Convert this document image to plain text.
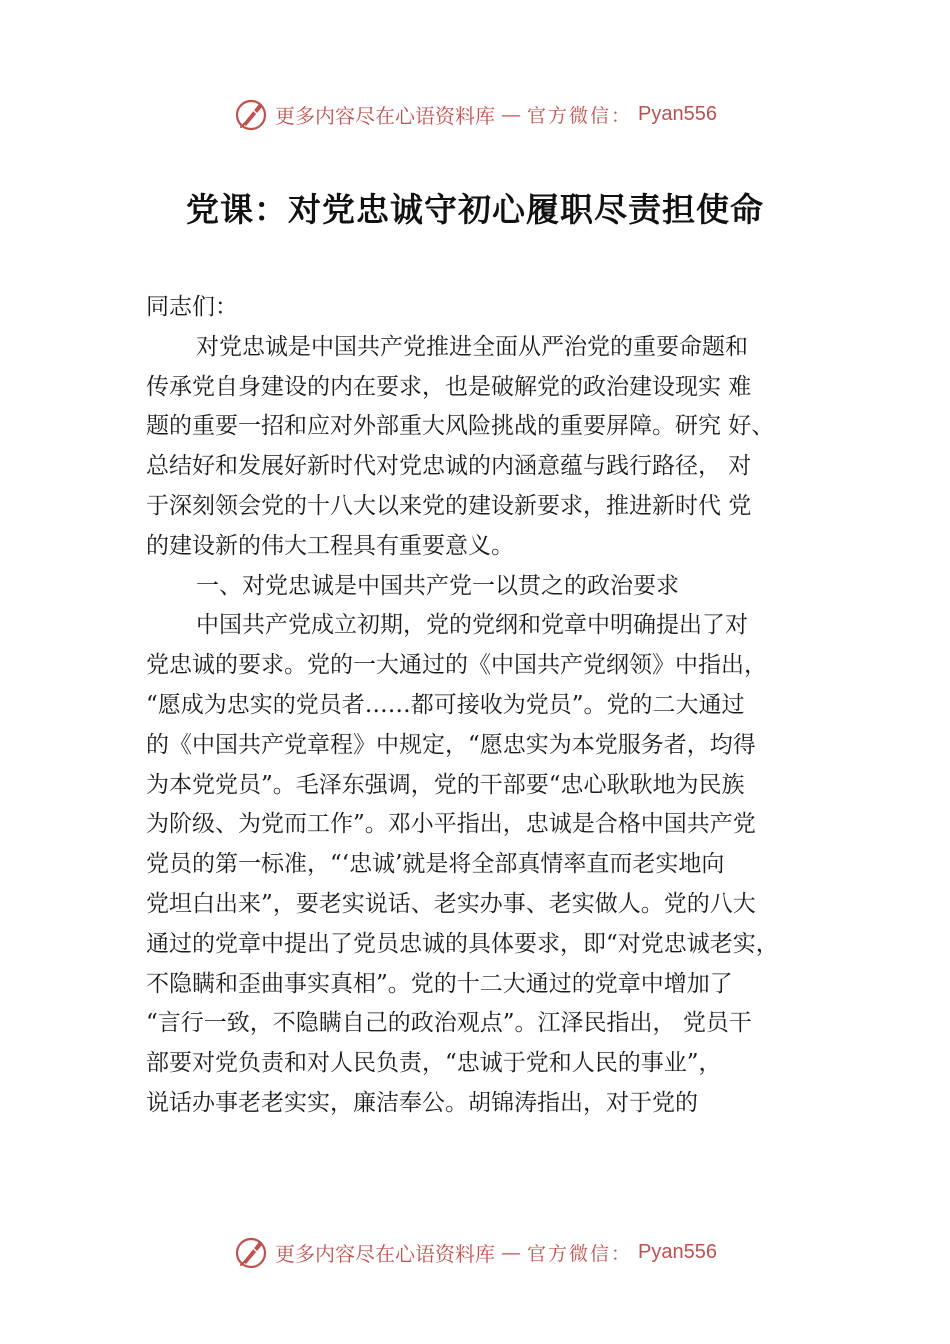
更多内容尽在心语资料库 — 官方微信： Pyan556
党课：对党忠诚守初心履职尽责担使命
同志们：
对党忠诚是中国共产党推进全面从严治党的重要命题和
传承党自身建设的内在要求，也是破解党的政治建设现实 难
题的重要一招和应对外部重大风险挑战的重要屏障。研究 好、
总结好和发展好新时代对党忠诚的内涵意蕴与践行路径， 对
于深刻领会党的十八大以来党的建设新要求，推进新时代 党
的建设新的伟大工程具有重要意义。
一、对党忠诚是中国共产党一以贯之的政治要求
中国共产党成立初期，党的党纲和党章中明确提出了对
党忠诚的要求。党的一大通过的《中国共产党纲领》中指出，
“愿成为忠实的党员者……都可接收为党员”。党的二大通过
的《中国共产党章程》中规定，“愿忠实为本党服务者，均得
为本党党员”。毛泽东强调，党的干部要“忠心耿耿地为民族
为阶级、为党而工作”。邓小平指出，忠诚是合格中国共产党
党员的第一标准，“‘忠诚’就是将全部真情率直而老实地向
党坦白出来”，要老实说话、老实办事、老实做人。党的八大
通过的党章中提出了党员忠诚的具体要求，即“对党忠诚老实，
不隐瞒和歪曲事实真相”。党的十二大通过的党章中增加了
“言行一致，不隐瞒自己的政治观点”。江泽民指出， 党员干
部要对党负责和对人民负责，“忠诚于党和人民的事业”，
说话办事老老实实，廉洁奉公。胡锦涛指出，对于党的
更多内容尽在心语资料库 — 官方微信： Pyan556
